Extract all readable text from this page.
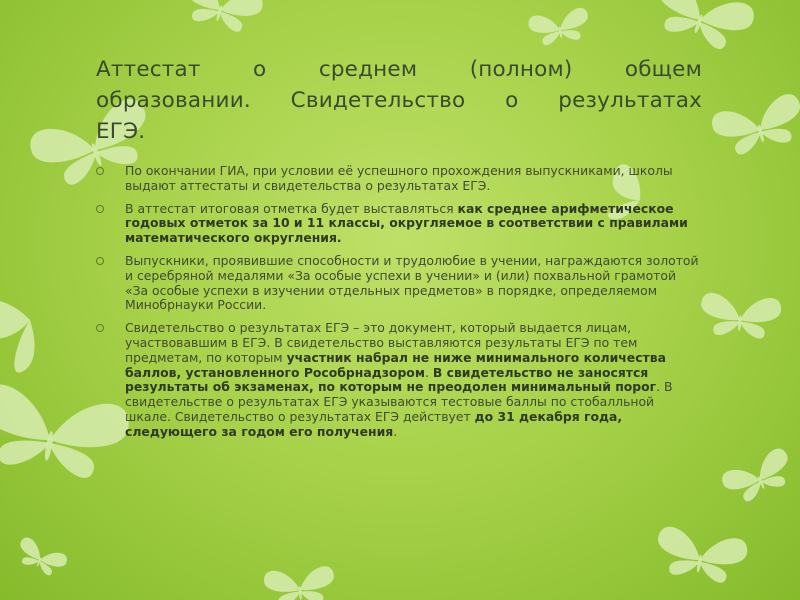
Аттестат о среднем (полном) общем
образовании. Свидетельство о результатах
ЕГЭ.
По окончании ГИА, при условии её успешного прохождения выпускниками, школы выдают аттестаты и свидетельства о результатах ЕГЭ.
В аттестат итоговая отметка будет выставляться как среднее арифметическое годовых отметок за 10 и 11 классы, округляемое в соответствии с правилами математического округления.
Выпускники, проявившие способности и трудолюбие в учении, награждаются золотой и серебряной медалями «За особые успехи в учении» и (или) похвальной грамотой «За особые успехи в изучении отдельных предметов» в порядке, определяемом Минобрнауки России.
Свидетельство о результатах ЕГЭ – это документ, который выдается лицам, участвовавшим в ЕГЭ. В свидетельство выставляются результаты ЕГЭ по тем предметам, по которым участник набрал не ниже минимального количества баллов, установленного Рособрнадзором. В свидетельство не заносятся результаты об экзаменах, по которым не преодолен минимальный порог. В свидетельстве о результатах ЕГЭ указываются тестовые баллы по стобалльной шкале. Свидетельство о результатах ЕГЭ действует до 31 декабря года, следующего за годом его получения.
